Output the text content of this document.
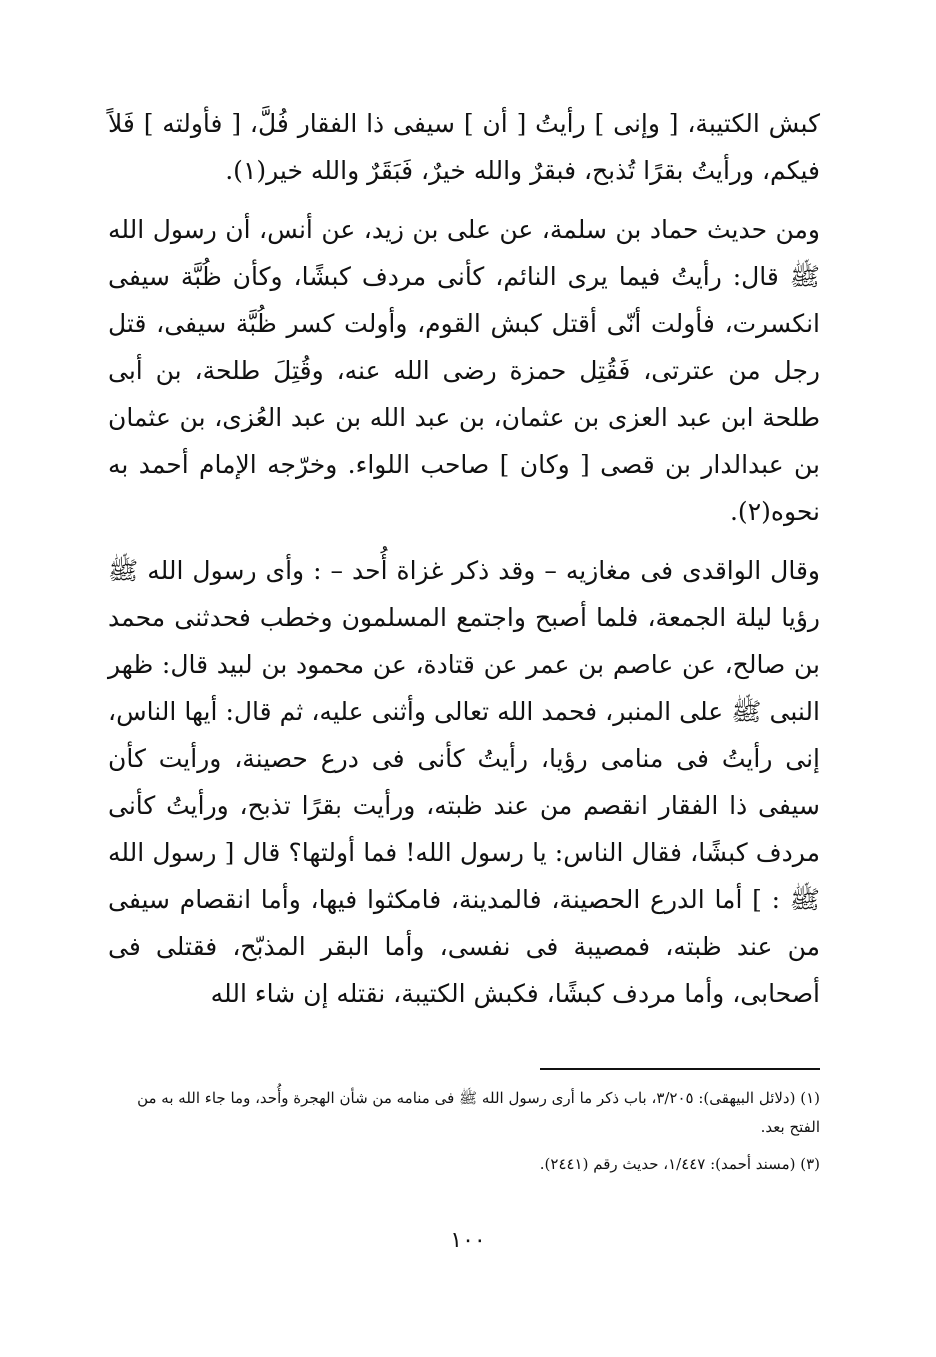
كبش الكتيبة، [ وإنى ] رأيتُ [ أن ] سيفى ذا الفقار فُلَّ، [ فأولته ] فَلاً فيكم، ورأيتُ بقرًا تُذبح، فبقرٌ والله خيرٌ، فَبَقَرٌ والله خير(١).

ومن حديث حماد بن سلمة، عن على بن زيد، عن أنس، أن رسول الله ﷺ قال: رأيتُ فيما يرى النائم، كأنى مردف كبشًا، وكأن ظُبَّة سيفى انكسرت، فأولت أنّى أقتل كبش القوم، وأولت كسر ظُبَّة سيفى، قتل رجل من عترتى، فَقُتِل حمزة رضى الله عنه، وقُتِلَ طلحة، بن أبى طلحة ابن عبد العزى بن عثمان، بن عبد الله بن عبد العُزى، بن عثمان بن عبدالدار بن قصى [ وكان ] صاحب اللواء. وخرّجه الإمام أحمد به نحوه(٢).

وقال الواقدى فى مغازيه – وقد ذكر غزاة أُحد – : وأى رسول الله ﷺ رؤيا ليلة الجمعة، فلما أصبح واجتمع المسلمون وخطب فحدثنى محمد بن صالح، عن عاصم بن عمر عن قتادة، عن محمود بن لبيد قال: ظهر النبى ﷺ على المنبر، فحمد الله تعالى وأثنى عليه، ثم قال: أيها الناس، إنى رأيتُ فى منامى رؤيا، رأيتُ كأنى فى درع حصينة، ورأيت كأن سيفى ذا الفقار انقصم من عند ظبته، ورأيت بقرًا تذبح، ورأيتُ كأنى مردف كبشًا، فقال الناس: يا رسول الله! فما أولتها؟ قال [ رسول الله ﷺ : ] أما الدرع الحصينة، فالمدينة، فامكثوا فيها، وأما انقصام سيفى من عند ظبته، فمصيبة فى نفسى، وأما البقر المذبّح، فقتلى فى أصحابى، وأما مردف كبشًا، فكبش الكتيبة، نقتله إن شاء الله

(١) (دلائل البيهقى): ٣/٢٠٥، باب ذكر ما أرى رسول الله ﷺ فى منامه من شأن الهجرة وأُحد، وما جاء الله به من الفتح بعد.

(٣) (مسند أحمد): ١/٤٤٧، حديث رقم (٢٤٤١).

١٠٠
